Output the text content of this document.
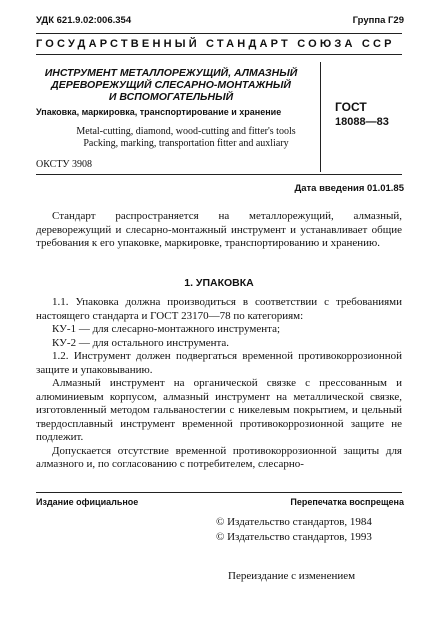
УДК 621.9.02:006.354	Группа Г29
ГОСУДАРСТВЕННЫЙ СТАНДАРТ СОЮЗА ССР
ИНСТРУМЕНТ МЕТАЛЛОРЕЖУЩИЙ, АЛМАЗНЫЙ
ДЕРЕВОРЕЖУЩИЙ СЛЕСАРНО-МОНТАЖНЫЙ
И ВСПОМОГАТЕЛЬНЫЙ
Упаковка, маркировка, транспортирование и хранение
Metal-cutting, diamond, wood-cutting and fitter's tools
Packing, marking, transportation fitter and auxliary
ОКСТУ 3908
ГОСТ
18088—83
Дата введения 01.01.85

Стандарт распространяется на металлорежущий, алмазный, дереворежущий и слесарно-монтажный инструмент и устанавливает общие требования к его упаковке, маркировке, транспортированию и хранению.

1. УПАКОВКА

1.1. Упаковка должна производиться в соответствии с требованиями настоящего стандарта и ГОСТ 23170—78 по категориям:

КУ-1 — для слесарно-монтажного инструмента;

КУ-2 — для остального инструмента.

1.2. Инструмент должен подвергаться временной противокоррозионной защите и упаковыванию.

Алмазный инструмент на органической связке с прессованным и алюминиевым корпусом, алмазный инструмент на металлической связке, изготовленный методом гальваностегии с никелевым покрытием, и цельный твердосплавный инструмент временной противокоррозионной защите не подлежит.

Допускается отсутствие временной противокоррозионной защиты для алмазного и, по согласованию с потребителем, слесарно-

Издание официальное	Перепечатка воспрещена
© Издательство стандартов, 1984
© Издательство стандартов, 1993
Переиздание с изменением
